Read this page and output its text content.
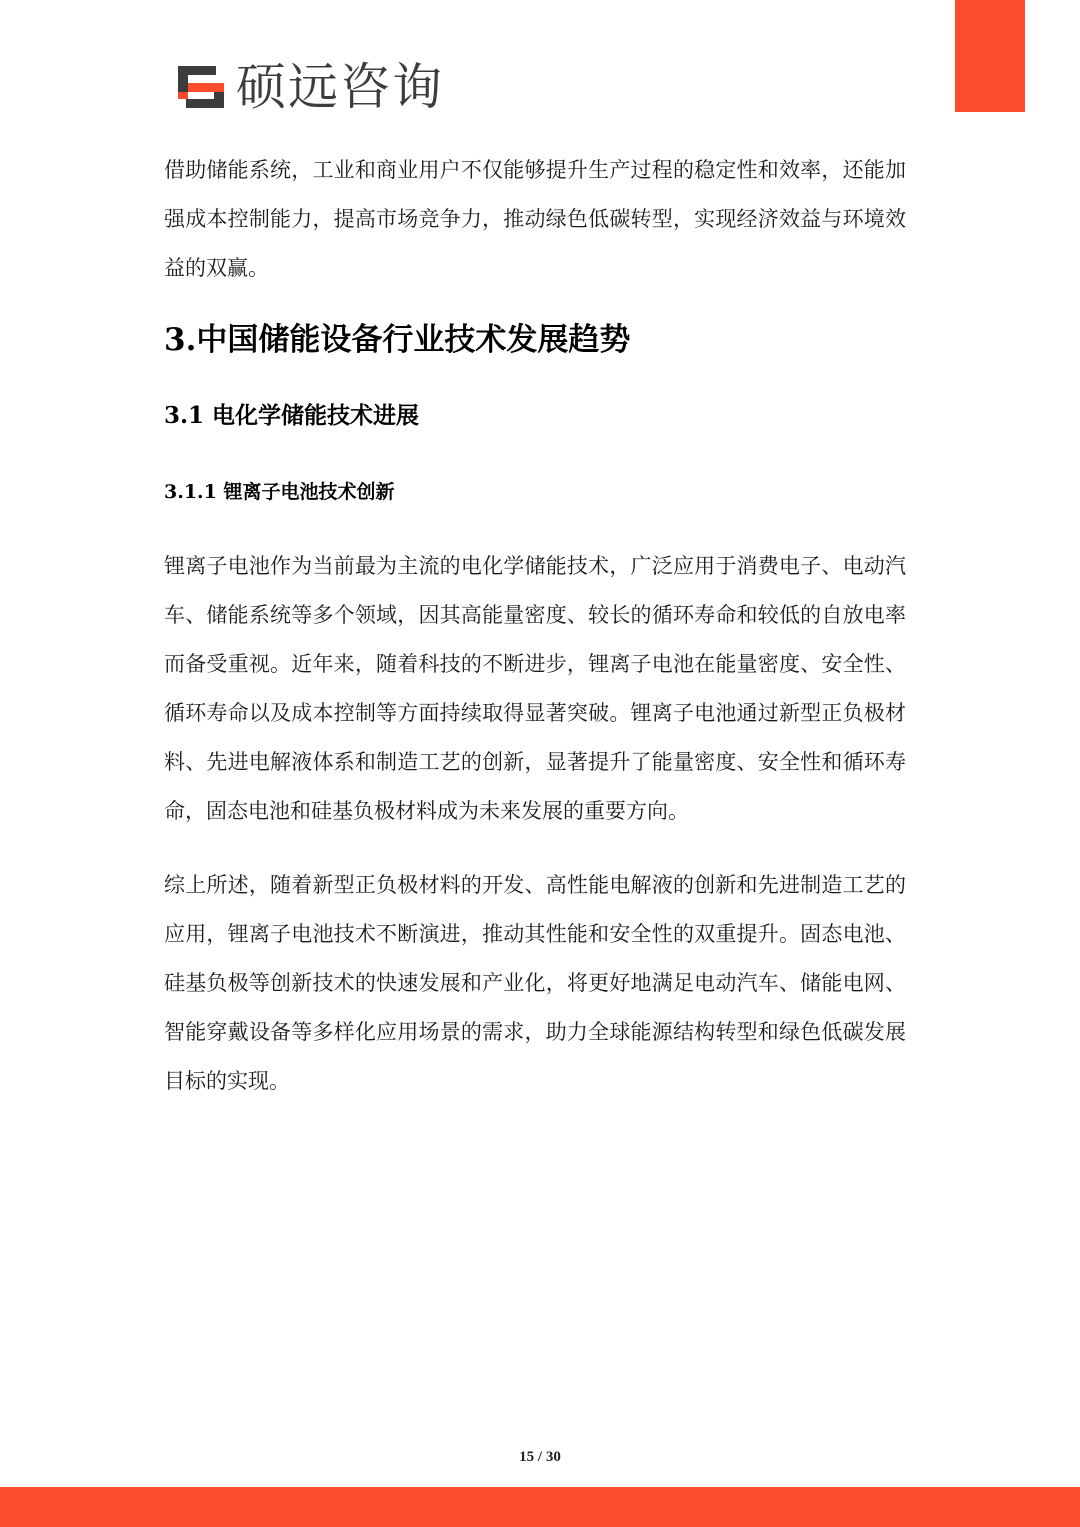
硕远咨询

借助储能系统，工业和商业用户不仅能够提升生产过程的稳定性和效率，还能加强成本控制能力，提高市场竞争力，推动绿色低碳转型，实现经济效益与环境效益的双赢。

3.中国储能设备行业技术发展趋势
3.1 电化学储能技术进展
3.1.1 锂离子电池技术创新

锂离子电池作为当前最为主流的电化学储能技术，广泛应用于消费电子、电动汽车、储能系统等多个领域，因其高能量密度、较长的循环寿命和较低的自放电率而备受重视。近年来，随着科技的不断进步，锂离子电池在能量密度、安全性、循环寿命以及成本控制等方面持续取得显著突破。锂离子电池通过新型正负极材料、先进电解液体系和制造工艺的创新，显著提升了能量密度、安全性和循环寿命，固态电池和硅基负极材料成为未来发展的重要方向。

综上所述，随着新型正负极材料的开发、高性能电解液的创新和先进制造工艺的应用，锂离子电池技术不断演进，推动其性能和安全性的双重提升。固态电池、硅基负极等创新技术的快速发展和产业化，将更好地满足电动汽车、储能电网、智能穿戴设备等多样化应用场景的需求，助力全球能源结构转型和绿色低碳发展目标的实现。

15 / 30
